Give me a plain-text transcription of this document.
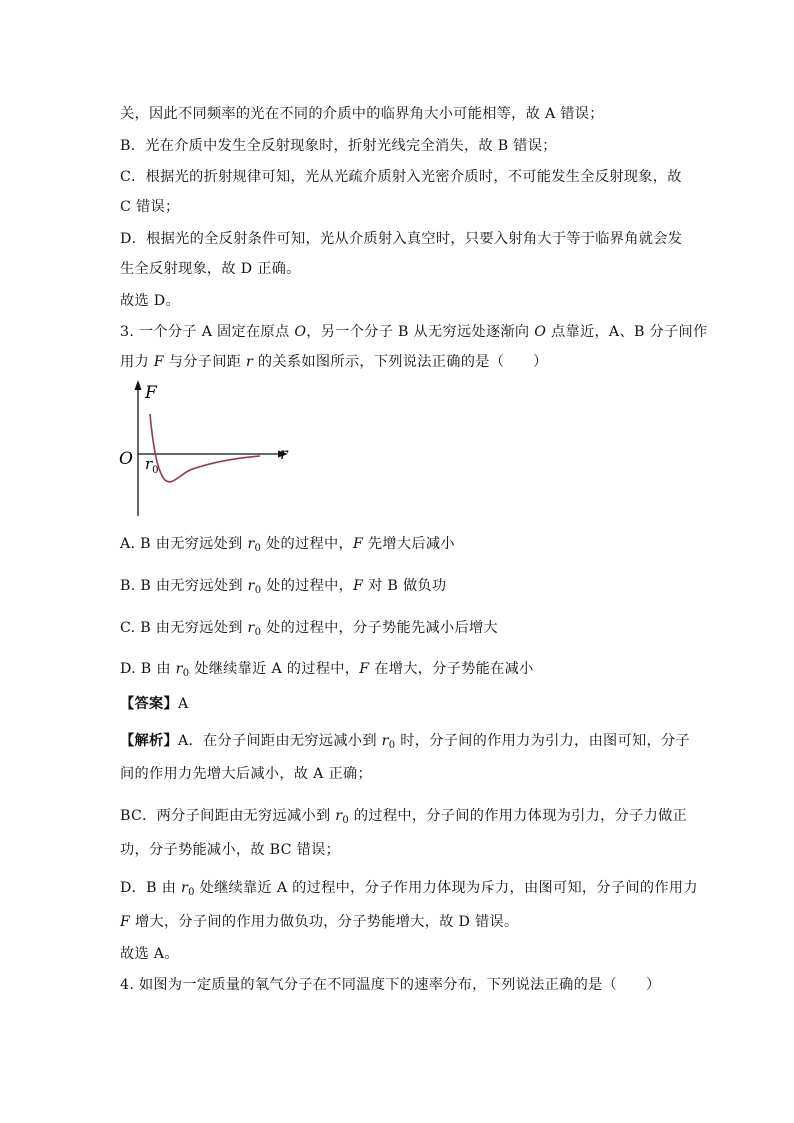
关，因此不同频率的光在不同的介质中的临界角大小可能相等，故 A 错误；
B．光在介质中发生全反射现象时，折射光线完全消失，故 B 错误；
C．根据光的折射规律可知，光从光疏介质射入光密介质时，不可能发生全反射现象，故
C 错误；
D．根据光的全反射条件可知，光从介质射入真空时，只要入射角大于等于临界角就会发
生全反射现象，故 D 正确。
故选 D。
3. 一个分子 A 固定在原点 O，另一个分子 B 从无穷远处逐渐向 O 点靠近，A、B 分子间作
用力 F 与分子间距 r 的关系如图所示，下列说法正确的是（　　）
F
r
O $r_0$
A. B 由无穷远处到 $r_0$ 处的过程中，F 先增大后减小
B. B 由无穷远处到 $r_0$ 处的过程中，F 对 B 做负功
C. B 由无穷远处到 $r_0$ 处的过程中，分子势能先减小后增大
D. B 由 $r_0$ 处继续靠近 A 的过程中，F 在增大，分子势能在减小
【答案】A
【解析】A．在分子间距由无穷远减小到 $r_0$ 时，分子间的作用力为引力，由图可知，分子
间的作用力先增大后减小，故 A 正确；
BC．两分子间距由无穷远减小到 $r_0$ 的过程中，分子间的作用力体现为引力，分子力做正
功，分子势能减小，故 BC 错误；
D．B 由 $r_0$ 处继续靠近 A 的过程中，分子作用力体现为斥力，由图可知，分子间的作用力
F 增大，分子间的作用力做负功，分子势能增大，故 D 错误。
故选 A。
4. 如图为一定质量的氧气分子在不同温度下的速率分布，下列说法正确的是（　　）
